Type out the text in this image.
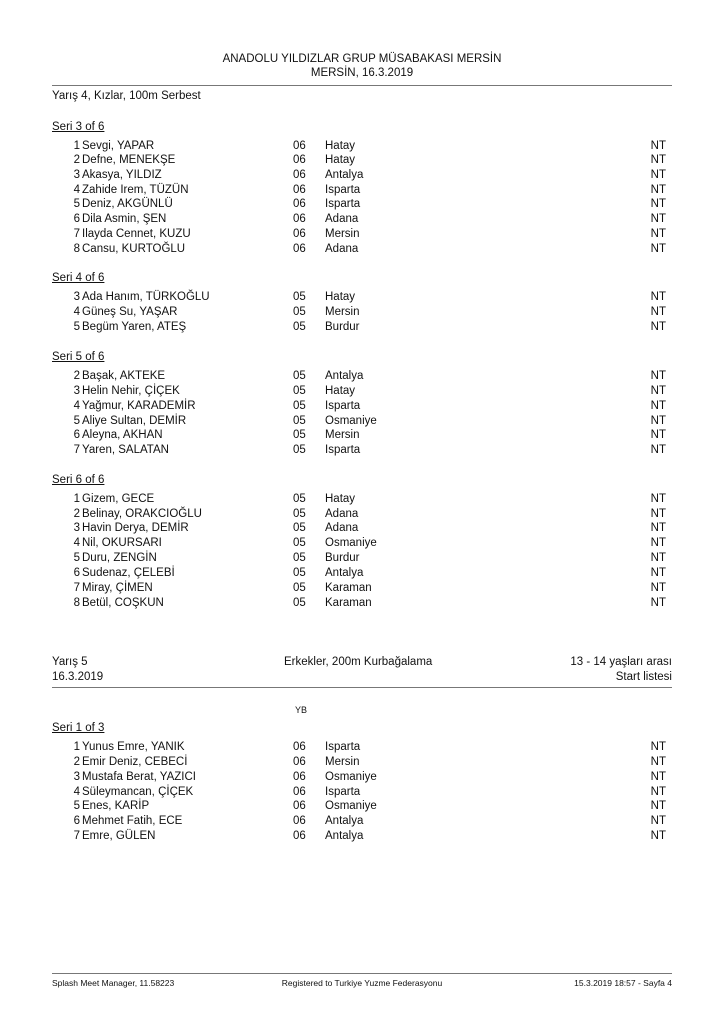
ANADOLU YILDIZLAR GRUP MÜSABAKASI MERSİN
MERSİN, 16.3.2019
Yarış 4, Kızlar, 100m Serbest
Seri 3 of 6
1 Sevgi, YAPAR	06 Hatay	NT
2 Defne, MENEKŞE	06 Hatay	NT
3 Akasya, YILDIZ	06 Antalya	NT
4 Zahide Irem, TÜZÜN	06 Isparta	NT
5 Deniz, AKGÜNLÜ	06 Isparta	NT
6 Dila Asmin, ŞEN	06 Adana	NT
7 Ilayda Cennet, KUZU	06 Mersin	NT
8 Cansu, KURTOĞLU	06 Adana	NT
Seri 4 of 6
3 Ada Hanım, TÜRKOĞLU	05 Hatay	NT
4 Güneş Su, YAŞAR	05 Mersin	NT
5 Begüm Yaren, ATEŞ	05 Burdur	NT
Seri 5 of 6
2 Başak, AKTEKE	05 Antalya	NT
3 Helin Nehir, ÇİÇEK	05 Hatay	NT
4 Yağmur, KARADEMİR	05 Isparta	NT
5 Aliye Sultan, DEMİR	05 Osmaniye	NT
6 Aleyna, AKHAN	05 Mersin	NT
7 Yaren, SALATAN	05 Isparta	NT
Seri 6 of 6
1 Gizem, GECE	05 Hatay	NT
2 Belinay, ORAKCIOĞLU	05 Adana	NT
3 Havin Derya, DEMİR	05 Adana	NT
4 Nil, OKURSARI	05 Osmaniye	NT
5 Duru, ZENGİN	05 Burdur	NT
6 Sudenaz, ÇELEBİ	05 Antalya	NT
7 Miray, ÇİMEN	05 Karaman	NT
8 Betül, COŞKUN	05 Karaman	NT
Yarış 5
16.3.2019
Erkekler, 200m Kurbağalama	13 - 14 yaşları arası
Start listesi
YB
Seri 1 of 3
1 Yunus Emre, YANIK	06 Isparta	NT
2 Emir Deniz, CEBECİ	06 Mersin	NT
3 Mustafa Berat, YAZICI	06 Osmaniye	NT
4 Süleymancan, ÇİÇEK	06 Isparta	NT
5 Enes, KARİP	06 Osmaniye	NT
6 Mehmet Fatih, ECE	06 Antalya	NT
7 Emre, GÜLEN	06 Antalya	NT
Splash Meet Manager, 11.58223	Registered to Turkiye Yuzme Federasyonu	15.3.2019 18:57 - Sayfa 4
